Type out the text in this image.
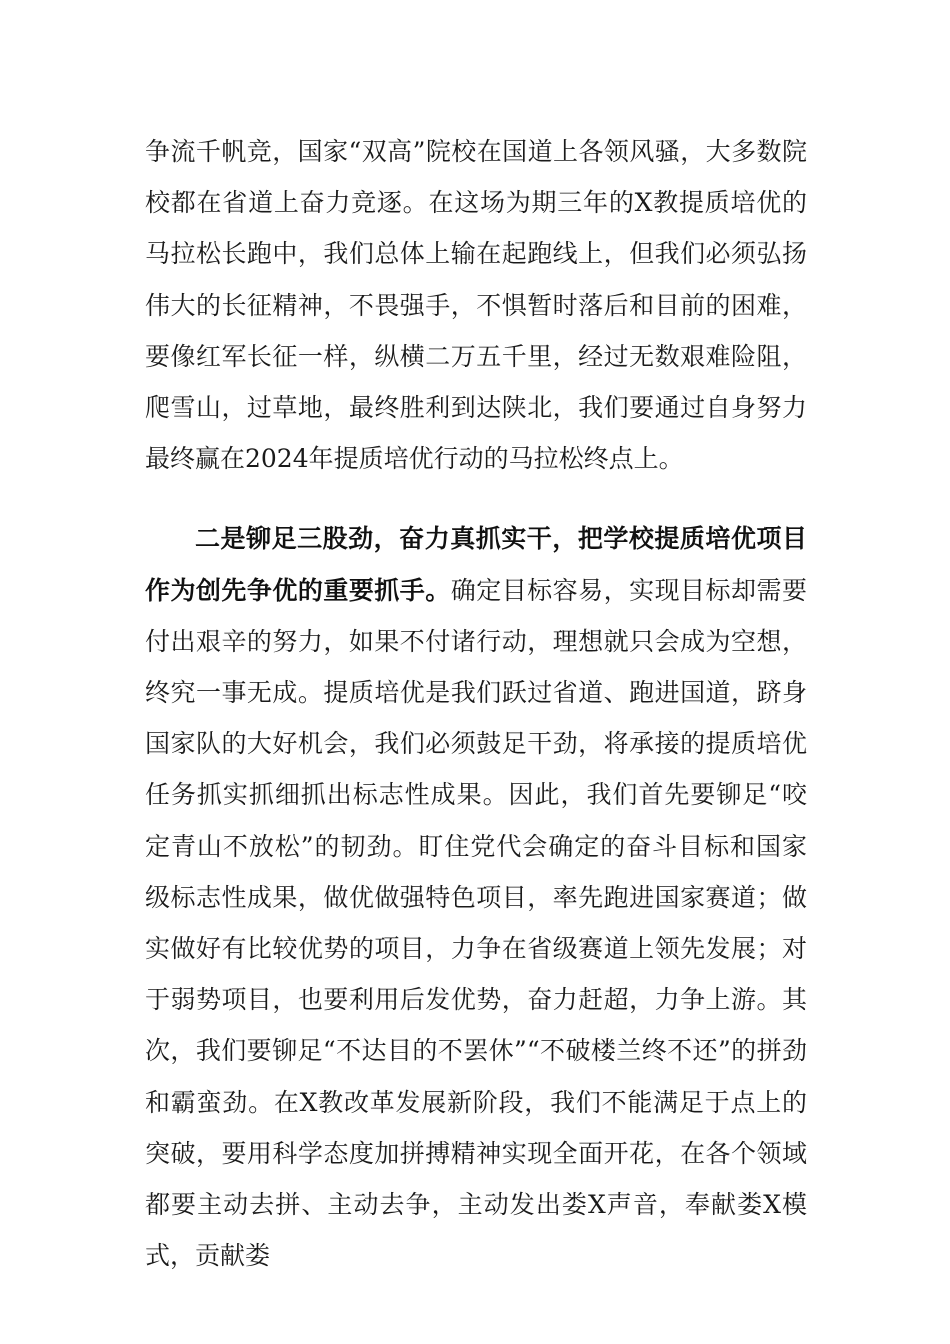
争流千帆竞，国家“双高”院校在国道上各领风骚，大多数院校都在省道上奋力竞逐。在这场为期三年的X教提质培优的马拉松长跑中，我们总体上输在起跑线上，但我们必须弘扬伟大的长征精神，不畏强手，不惧暂时落后和目前的困难，要像红军长征一样，纵横二万五千里，经过无数艰难险阻，爬雪山，过草地，最终胜利到达陕北，我们要通过自身努力最终赢在2024年提质培优行动的马拉松终点上。

二是铆足三股劲，奋力真抓实干，把学校提质培优项目作为创先争优的重要抓手。确定目标容易，实现目标却需要付出艰辛的努力，如果不付诸行动，理想就只会成为空想，终究一事无成。提质培优是我们跃过省道、跑进国道，跻身国家队的大好机会，我们必须鼓足干劲，将承接的提质培优任务抓实抓细抓出标志性成果。因此，我们首先要铆足“咬定青山不放松”的韧劲。盯住党代会确定的奋斗目标和国家级标志性成果，做优做强特色项目，率先跑进国家赛道；做实做好有比较优势的项目，力争在省级赛道上领先发展；对于弱势项目，也要利用后发优势，奋力赶超，力争上游。其次，我们要铆足“不达目的不罢休”“不破楼兰终不还”的拼劲和霸蛮劲。在X教改革发展新阶段，我们不能满足于点上的突破，要用科学态度加拼搏精神实现全面开花，在各个领域都要主动去拼、主动去争，主动发出娄X声音，奉献娄X模式，贡献娄
